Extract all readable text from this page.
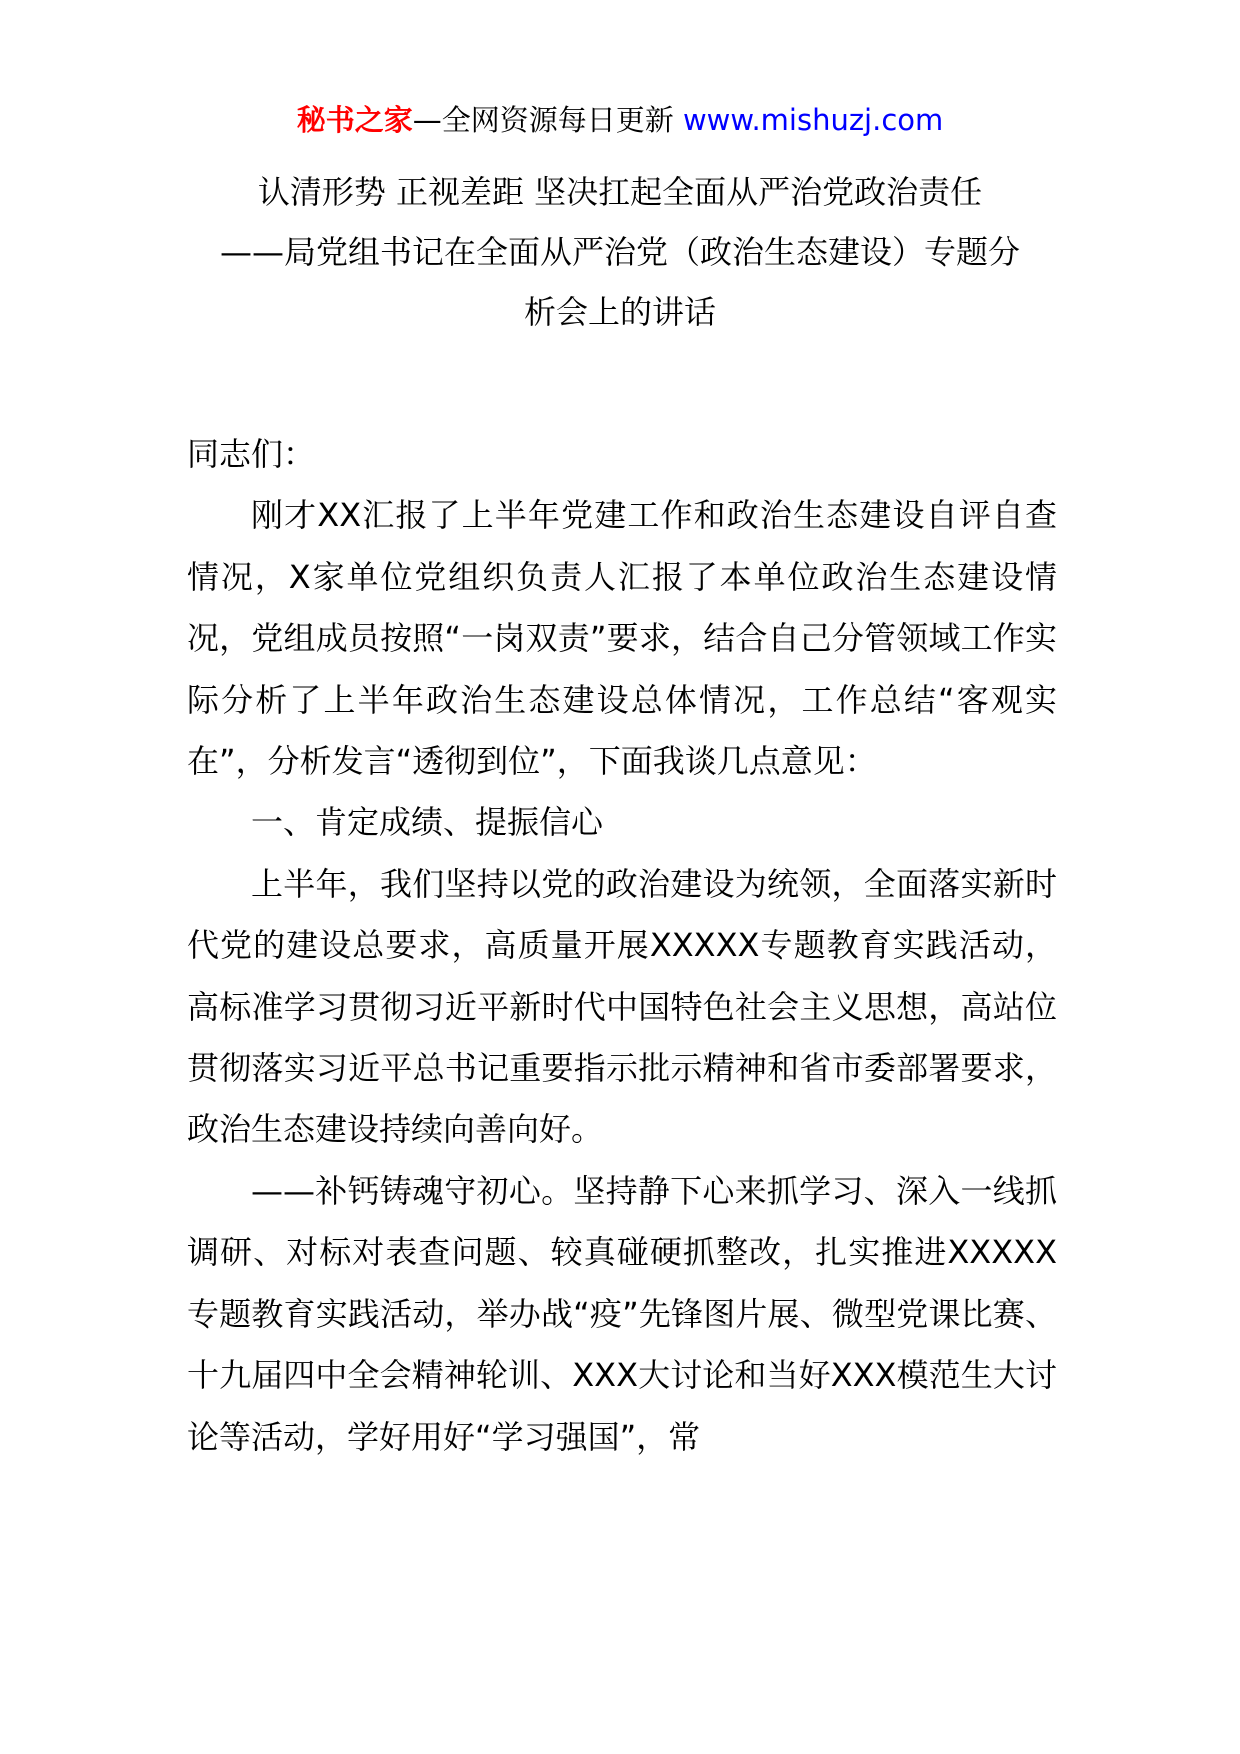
秘书之家—全网资源每日更新 www.mishuzj.com
认清形势 正视差距 坚决扛起全面从严治党政治责任
——局党组书记在全面从严治党（政治生态建设）专题分
析会上的讲话

同志们：

刚才XX汇报了上半年党建工作和政治生态建设自评自查情况，X家单位党组织负责人汇报了本单位政治生态建设情况，党组成员按照“一岗双责”要求，结合自己分管领域工作实际分析了上半年政治生态建设总体情况，工作总结“客观实在”，分析发言“透彻到位”，下面我谈几点意见：

一、肯定成绩、提振信心

上半年，我们坚持以党的政治建设为统领，全面落实新时代党的建设总要求，高质量开展XXXXX专题教育实践活动，高标准学习贯彻习近平新时代中国特色社会主义思想，高站位贯彻落实习近平总书记重要指示批示精神和省市委部署要求，政治生态建设持续向善向好。

——补钙铸魂守初心。坚持静下心来抓学习、深入一线抓调研、对标对表查问题、较真碰硬抓整改，扎实推进XXXXX专题教育实践活动，举办战“疫”先锋图片展、微型党课比赛、十九届四中全会精神轮训、XXX大讨论和当好XXX模范生大讨论等活动，学好用好“学习强国”，常
